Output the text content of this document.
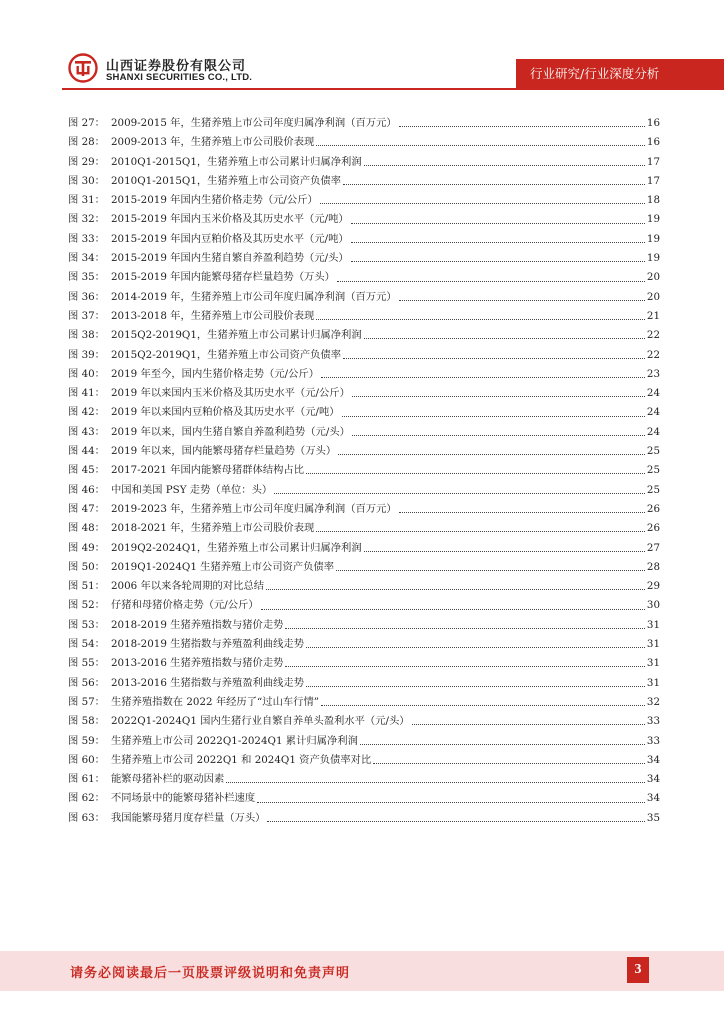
山西证券股份有限公司
SHANXI SECURITIES CO., LTD.	行业研究/行业深度分析
图 27： 2009-2015 年，生猪养殖上市公司年度归属净利润（百万元）	16
图 28： 2009-2013 年，生猪养殖上市公司股价表现	16
图 29： 2010Q1-2015Q1，生猪养殖上市公司累计归属净利润	17
图 30： 2010Q1-2015Q1，生猪养殖上市公司资产负债率	17
图 31： 2015-2019 年国内生猪价格走势（元/公斤）	18
图 32： 2015-2019 年国内玉米价格及其历史水平（元/吨）	19
图 33： 2015-2019 年国内豆粕价格及其历史水平（元/吨）	19
图 34： 2015-2019 年国内生猪自繁自养盈利趋势（元/头）	19
图 35： 2015-2019 年国内能繁母猪存栏量趋势（万头）	20
图 36： 2014-2019 年，生猪养殖上市公司年度归属净利润（百万元）	20
图 37： 2013-2018 年，生猪养殖上市公司股价表现	21
图 38： 2015Q2-2019Q1，生猪养殖上市公司累计归属净利润	22
图 39： 2015Q2-2019Q1，生猪养殖上市公司资产负债率	22
图 40： 2019 年至今，国内生猪价格走势（元/公斤）	23
图 41： 2019 年以来国内玉米价格及其历史水平（元/公斤）	24
图 42： 2019 年以来国内豆粕价格及其历史水平（元/吨）	24
图 43： 2019 年以来，国内生猪自繁自养盈利趋势（元/头）	24
图 44： 2019 年以来，国内能繁母猪存栏量趋势（万头）	25
图 45： 2017-2021 年国内能繁母猪群体结构占比	25
图 46： 中国和美国 PSY 走势（单位：头）	25
图 47： 2019-2023 年，生猪养殖上市公司年度归属净利润（百万元）	26
图 48： 2018-2021 年，生猪养殖上市公司股价表现	26
图 49： 2019Q2-2024Q1，生猪养殖上市公司累计归属净利润	27
图 50： 2019Q1-2024Q1 生猪养殖上市公司资产负债率	28
图 51： 2006 年以来各轮周期的对比总结	29
图 52： 仔猪和母猪价格走势（元/公斤）	30
图 53： 2018-2019 生猪养殖指数与猪价走势	31
图 54： 2018-2019 生猪指数与养殖盈利曲线走势	31
图 55： 2013-2016 生猪养殖指数与猪价走势	31
图 56： 2013-2016 生猪指数与养殖盈利曲线走势	31
图 57： 生猪养殖指数在 2022 年经历了“过山车行情”	32
图 58： 2022Q1-2024Q1 国内生猪行业自繁自养单头盈利水平（元/头）	33
图 59： 生猪养殖上市公司 2022Q1-2024Q1 累计归属净利润	33
图 60： 生猪养殖上市公司 2022Q1 和 2024Q1 资产负债率对比	34
图 61： 能繁母猪补栏的驱动因素	34
图 62： 不同场景中的能繁母猪补栏速度	34
图 63： 我国能繁母猪月度存栏量（万头）	35
请务必阅读最后一页股票评级说明和免责声明	3
